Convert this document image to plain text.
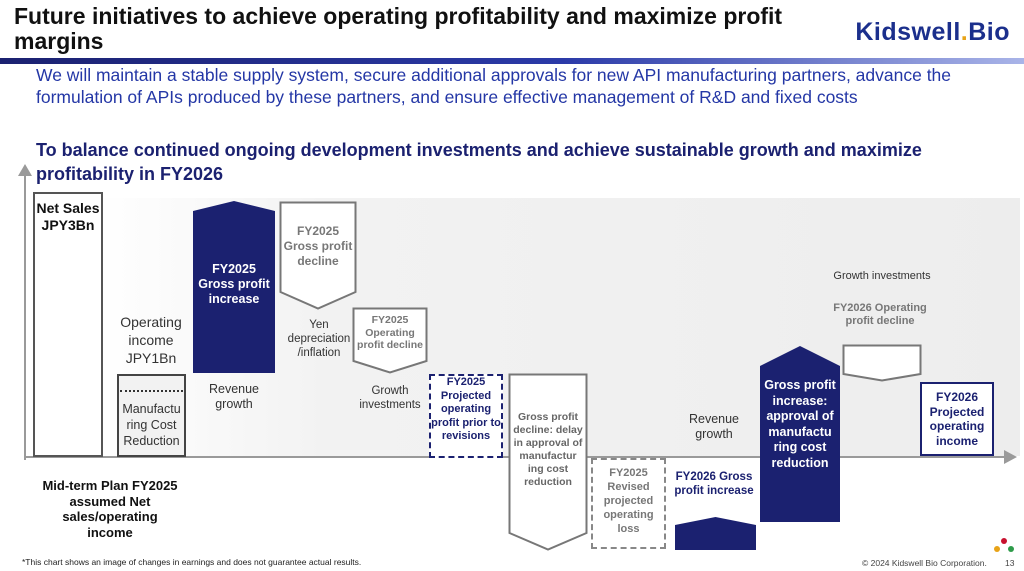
Future initiatives to achieve operating profitability and maximize profit margins	Kidswell.Bio
We will maintain a stable supply system, secure additional approvals for new API manufacturing partners, advance the formulation of APIs produced by these partners, and ensure effective management of R&D and fixed costs
To balance continued ongoing development investments and achieve sustainable growth and maximize profitability in FY2026
Net Sales JPY3Bn
Operating income JPY1Bn
Manufactu ring Cost Reduction
Mid-term Plan FY2025 assumed Net sales/operating income
FY2025 Gross profit increase
Revenue growth
FY2025 Gross profit decline
Yen depreciation /inflation
FY2025 Operating profit decline
Growth investments
FY2025 Projected operating profit prior to revisions
Gross profit decline: delay in approval of manufactur ing cost reduction
FY2025 Revised projected operating loss
Revenue growth
FY2026 Gross profit increase
Gross profit increase: approval of manufactu ring cost reduction
Growth investments
FY2026 Operating profit decline
FY2026 Projected operating income
*This chart shows an image of changes in earnings and does not guarantee actual results.	© 2024 Kidswell Bio Corporation. 13
